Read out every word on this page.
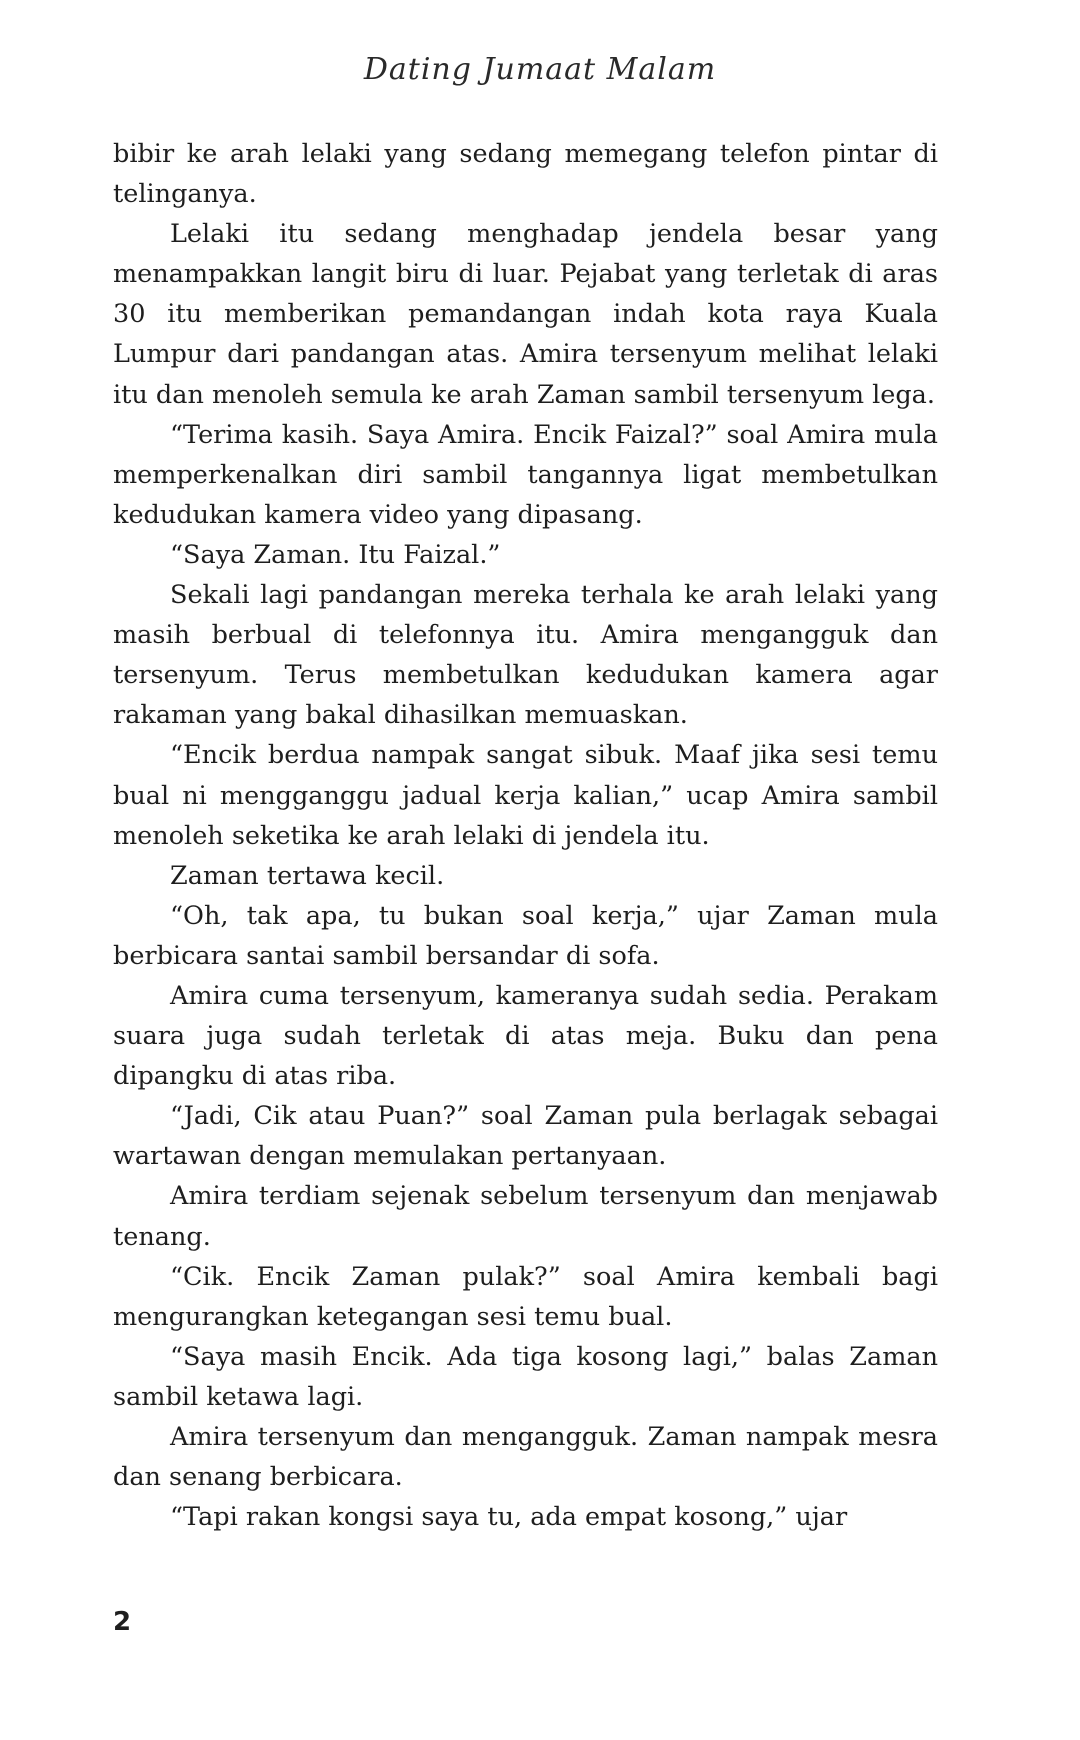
Dating Jumaat Malam

bibir ke arah lelaki yang sedang memegang telefon pintar di telinganya.

Lelaki itu sedang menghadap jendela besar yang menampakkan langit biru di luar. Pejabat yang terletak di aras 30 itu memberikan pemandangan indah kota raya Kuala Lumpur dari pandangan atas. Amira tersenyum melihat lelaki itu dan menoleh semula ke arah Zaman sambil tersenyum lega.

“Terima kasih. Saya Amira. Encik Faizal?” soal Amira mula memperkenalkan diri sambil tangannya ligat membetulkan kedudukan kamera video yang dipasang.

“Saya Zaman. Itu Faizal.”

Sekali lagi pandangan mereka terhala ke arah lelaki yang masih berbual di telefonnya itu. Amira mengangguk dan tersenyum. Terus membetulkan kedudukan kamera agar rakaman yang bakal dihasilkan memuaskan.

“Encik berdua nampak sangat sibuk. Maaf jika sesi temu bual ni mengganggu jadual kerja kalian,” ucap Amira sambil menoleh seketika ke arah lelaki di jendela itu.

Zaman tertawa kecil.

“Oh, tak apa, tu bukan soal kerja,” ujar Zaman mula berbicara santai sambil bersandar di sofa.

Amira cuma tersenyum, kameranya sudah sedia. Perakam suara juga sudah terletak di atas meja. Buku dan pena dipangku di atas riba.

“Jadi, Cik atau Puan?” soal Zaman pula berlagak sebagai wartawan dengan memulakan pertanyaan.

Amira terdiam sejenak sebelum tersenyum dan menjawab tenang.

“Cik. Encik Zaman pulak?” soal Amira kembali bagi mengurangkan ketegangan sesi temu bual.

“Saya masih Encik. Ada tiga kosong lagi,” balas Zaman sambil ketawa lagi.

Amira tersenyum dan mengangguk. Zaman nampak mesra dan senang berbicara.

“Tapi rakan kongsi saya tu, ada empat kosong,” ujar

2
